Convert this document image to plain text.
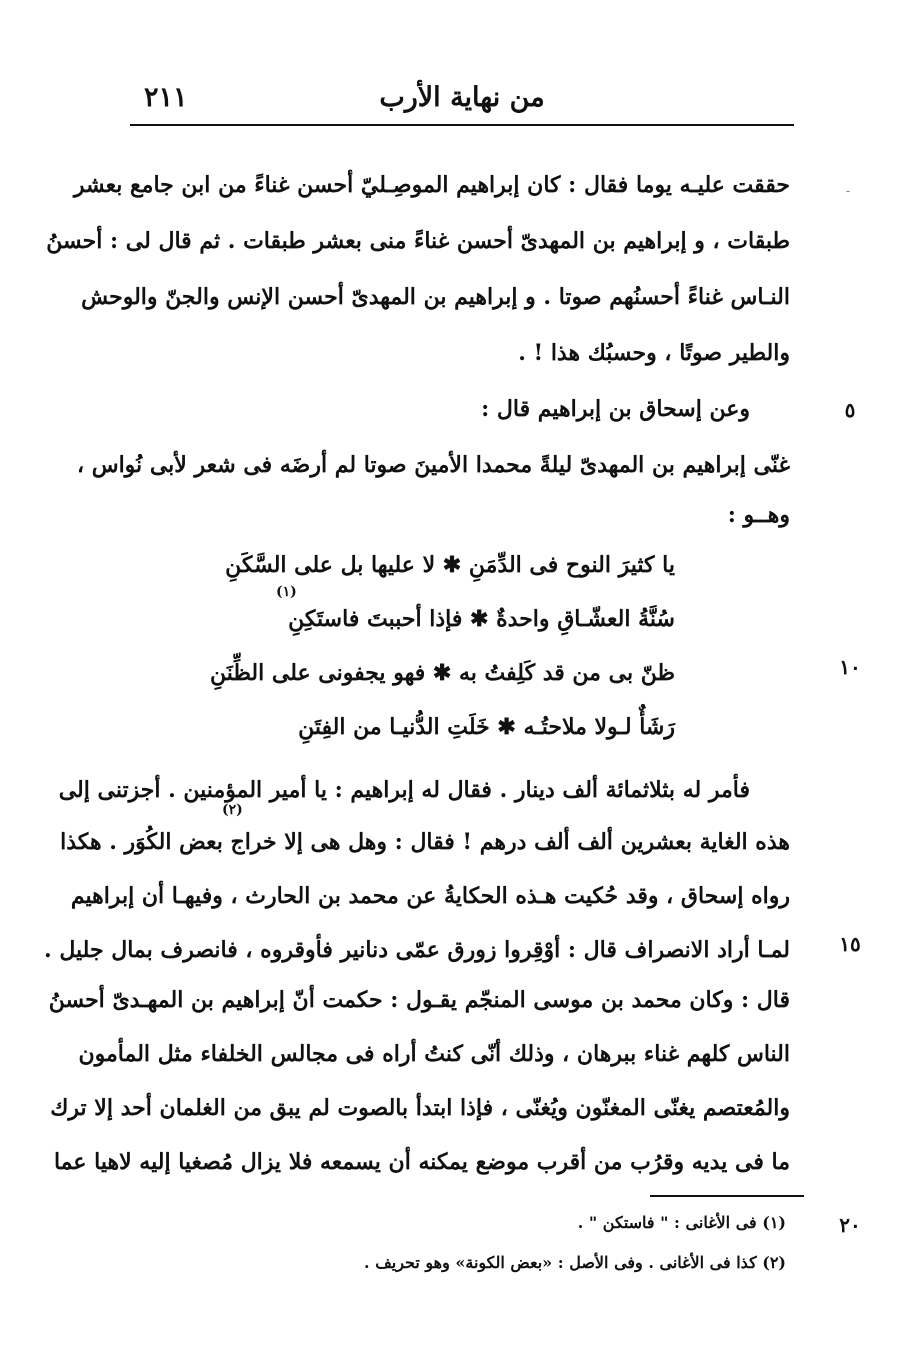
من نهاية الأرب
٢١١
-
حققت عليـه يوما فقال : كان إبراهيم الموصِـليّ أحسن غناءً من ابن جامع بعشر
طبقات ، و إبراهيم بن المهدىّ أحسن غناءً منى بعشر طبقات . ثم قال لى : أحسنُ
النـاس غناءً أحسنُهم صوتا . و إبراهيم بن المهدىّ أحسن الإنس والجنّ والوحش
والطير صوتًا ، وحسبُك هذا ! .
وعن إسحاق بن إبراهيم قال :
غنّى إبراهيم بن المهدىّ ليلةً محمدا الأمينَ صوتا لم أرضَه فى شعر لأبى نُواس ،
وهــو :
يا كثيرَ النوح فى الدِّمَنِ ✱ لا عليها بل على السَّكَنِ
سُنَّةُ العشّـاقِ واحدةٌ ✱ فإذا أحببتَ فاستَكِنِ
ظنّ بى من قد كَلِفتُ به ✱ فهو يجفونى على الظِّنَنِ
رَشَأٌ لـولا ملاحتُـه ✱ خَلَتِ الدُّنيـا من الفِتَنِ
(١)
فأمر له بثلاثمائة ألف دينار . فقال له إبراهيم : يا أمير المؤمنين . أجزتنى إلى
هذه الغاية بعشرين ألف ألف درهم ! فقال : وهل هى إلا خراج بعض الكُوَر . هكذا
رواه إسحاق ، وقد حُكيت هـذه الحكايةُ عن محمد بن الحارث ، وفيهـا أن إبراهيم
لمـا أراد الانصراف قال : أوْقِروا زورق عمّى دنانير فأوقروه ، فانصرف بمال جليل .
(٢)
قال : وكان محمد بن موسى المنجّم يقـول : حكمت أنّ إبراهيم بن المهـدىّ أحسنُ
الناس كلهم غناء ببرهان ، وذلك أنّى كنتُ أراه فى مجالس الخلفاء مثل المأمون
والمُعتصم يغنّى المغنّون ويُغنّى ، فإذا ابتدأ بالصوت لم يبق من الغلمان أحد إلا ترك
ما فى يديه وقرُب من أقرب موضع يمكنه أن يسمعه فلا يزال مُصغيا إليه لاهيا عما
٥
١٠
١٥
٢٠
(١) فى الأغانى : " فاستكن " .
(٢) كذا فى الأغانى . وفى الأصل : «بعض الكونة» وهو تحريف .
